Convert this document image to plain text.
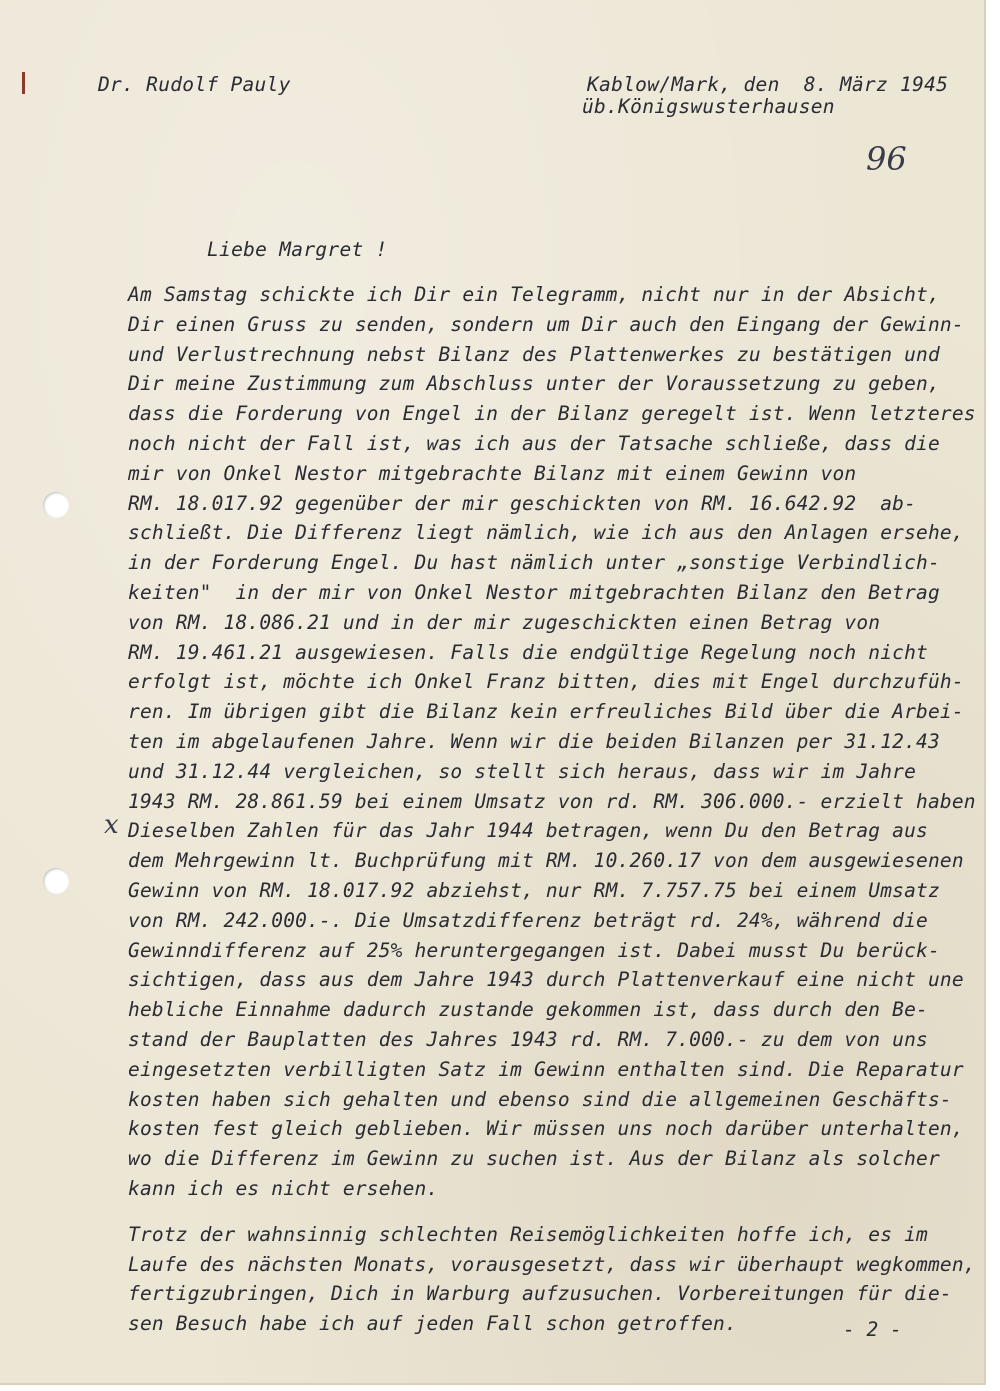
Dr. Rudolf Pauly	Kablow/Mark, den  8. März 1945
üb.Königswusterhausen
96
Liebe Margret !
x
Am Samstag schickte ich Dir ein Telegramm, nicht nur in der Absicht,
Dir einen Gruss zu senden, sondern um Dir auch den Eingang der Gewinn-
und Verlustrechnung nebst Bilanz des Plattenwerkes zu bestätigen und
Dir meine Zustimmung zum Abschluss unter der Voraussetzung zu geben,
dass die Forderung von Engel in der Bilanz geregelt ist. Wenn letzteres
noch nicht der Fall ist, was ich aus der Tatsache schließe, dass die
mir von Onkel Nestor mitgebrachte Bilanz mit einem Gewinn von
RM. 18.017.92 gegenüber der mir geschickten von RM. 16.642.92  ab-
schließt. Die Differenz liegt nämlich, wie ich aus den Anlagen ersehe,
in der Forderung Engel. Du hast nämlich unter „sonstige Verbindlich-
keiten"  in der mir von Onkel Nestor mitgebrachten Bilanz den Betrag
von RM. 18.086.21 und in der mir zugeschickten einen Betrag von
RM. 19.461.21 ausgewiesen. Falls die endgültige Regelung noch nicht
erfolgt ist, möchte ich Onkel Franz bitten, dies mit Engel durchzufüh-
ren. Im übrigen gibt die Bilanz kein erfreuliches Bild über die Arbei-
ten im abgelaufenen Jahre. Wenn wir die beiden Bilanzen per 31.12.43
und 31.12.44 vergleichen, so stellt sich heraus, dass wir im Jahre
1943 RM. 28.861.59 bei einem Umsatz von rd. RM. 306.000.- erzielt haben
Dieselben Zahlen für das Jahr 1944 betragen, wenn Du den Betrag aus
dem Mehrgewinn lt. Buchprüfung mit RM. 10.260.17 von dem ausgewiesenen
Gewinn von RM. 18.017.92 abziehst, nur RM. 7.757.75 bei einem Umsatz
von RM. 242.000.-. Die Umsatzdifferenz beträgt rd. 24%, während die
Gewinndifferenz auf 25% heruntergegangen ist. Dabei musst Du berück-
sichtigen, dass aus dem Jahre 1943 durch Plattenverkauf eine nicht une
hebliche Einnahme dadurch zustande gekommen ist, dass durch den Be-
stand der Bauplatten des Jahres 1943 rd. RM. 7.000.- zu dem von uns
eingesetzten verbilligten Satz im Gewinn enthalten sind. Die Reparatur
kosten haben sich gehalten und ebenso sind die allgemeinen Geschäfts-
kosten fest gleich geblieben. Wir müssen uns noch darüber unterhalten,
wo die Differenz im Gewinn zu suchen ist. Aus der Bilanz als solcher
kann ich es nicht ersehen.
Trotz der wahnsinnig schlechten Reisemöglichkeiten hoffe ich, es im
Laufe des nächsten Monats, vorausgesetzt, dass wir überhaupt wegkommen,
fertigzubringen, Dich in Warburg aufzusuchen. Vorbereitungen für die-
sen Besuch habe ich auf jeden Fall schon getroffen.	- 2 -
